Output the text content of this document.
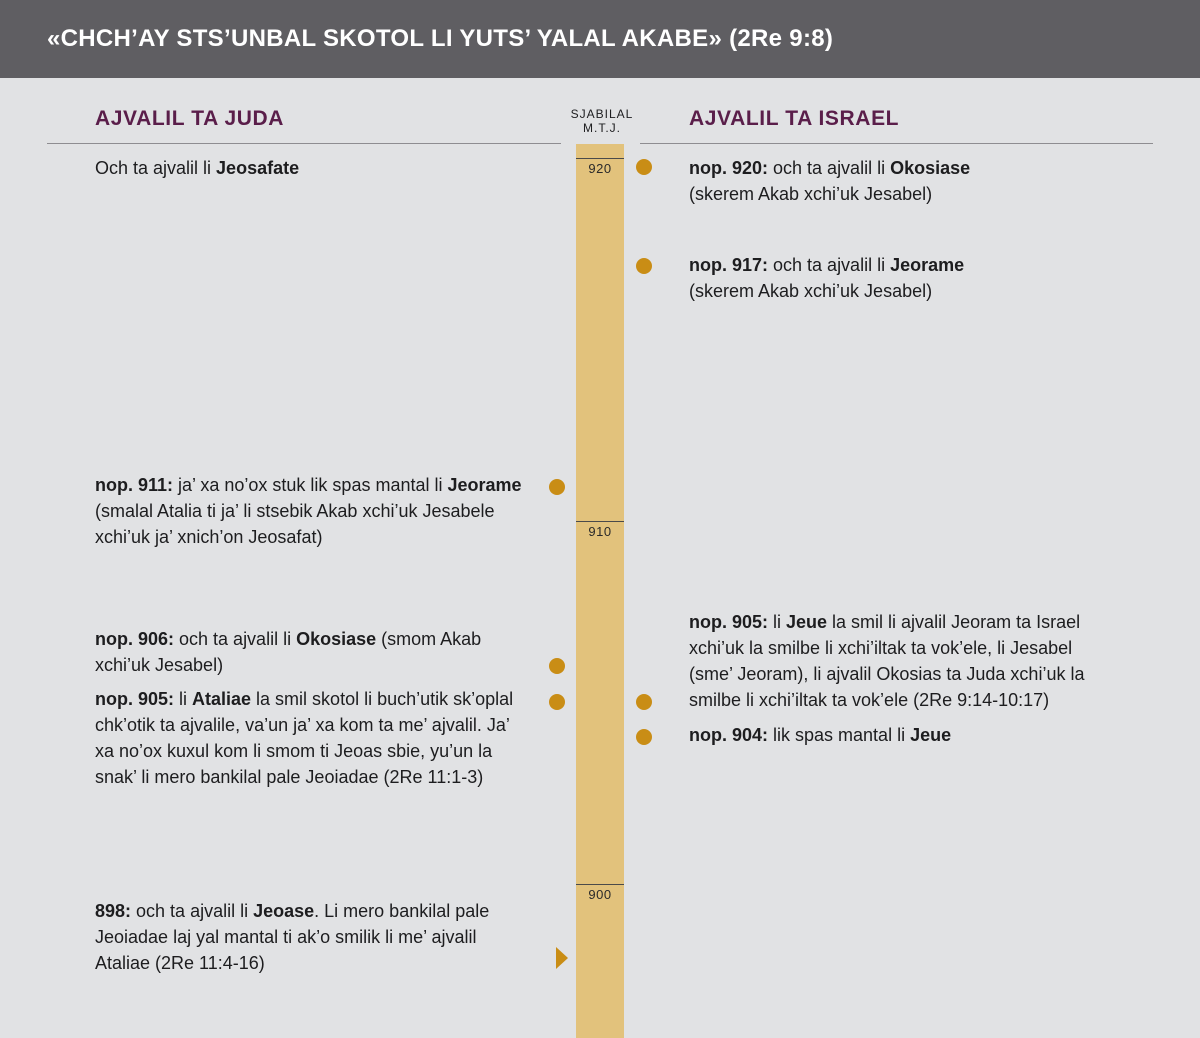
«CHCH’AY STS’UNBAL SKOTOL LI YUTS’ YALAL AKABE» (2Re 9:8)
AJVALIL TA JUDA	AJVALIL TA ISRAEL
SJABILAL
M.T.J.
920
910
900
Och ta ajvalil li Jeosafate
nop. 911: ja’ xa no’ox stuk lik spas mantal li Jeorame (smalal Atalia ti ja’ li stsebik Akab xchi’uk Jesabele xchi’uk ja’ xnich’on Jeosafat)
nop. 906: och ta ajvalil li Okosiase (smom Akab xchi’uk Jesabel)
nop. 905: li Ataliae la smil skotol li buch’utik sk’oplal chk’otik ta ajvalile, va’un ja’ xa kom ta me’ ajvalil. Ja’ xa no’ox kuxul kom li smom ti Jeoas sbie, yu’un la snak’ li mero bankilal pale Jeoiadae (2Re 11:1-3)
898: och ta ajvalil li Jeoase. Li mero bankilal pale Jeoiadae laj yal mantal ti ak’o smilik li me’ ajvalil Ataliae (2Re 11:4-16)
nop. 920: och ta ajvalil li Okosiase
(skerem Akab xchi’uk Jesabel)
nop. 917: och ta ajvalil li Jeorame
(skerem Akab xchi’uk Jesabel)
nop. 905: li Jeue la smil li ajvalil Jeoram ta Israel xchi’uk la smilbe li xchi’iltak ta vok’ele, li Jesabel (sme’ Jeoram), li ajvalil Okosias ta Juda xchi’uk la smilbe li xchi’iltak ta vok’ele (2Re 9:14-10:17)
nop. 904: lik spas mantal li Jeue
